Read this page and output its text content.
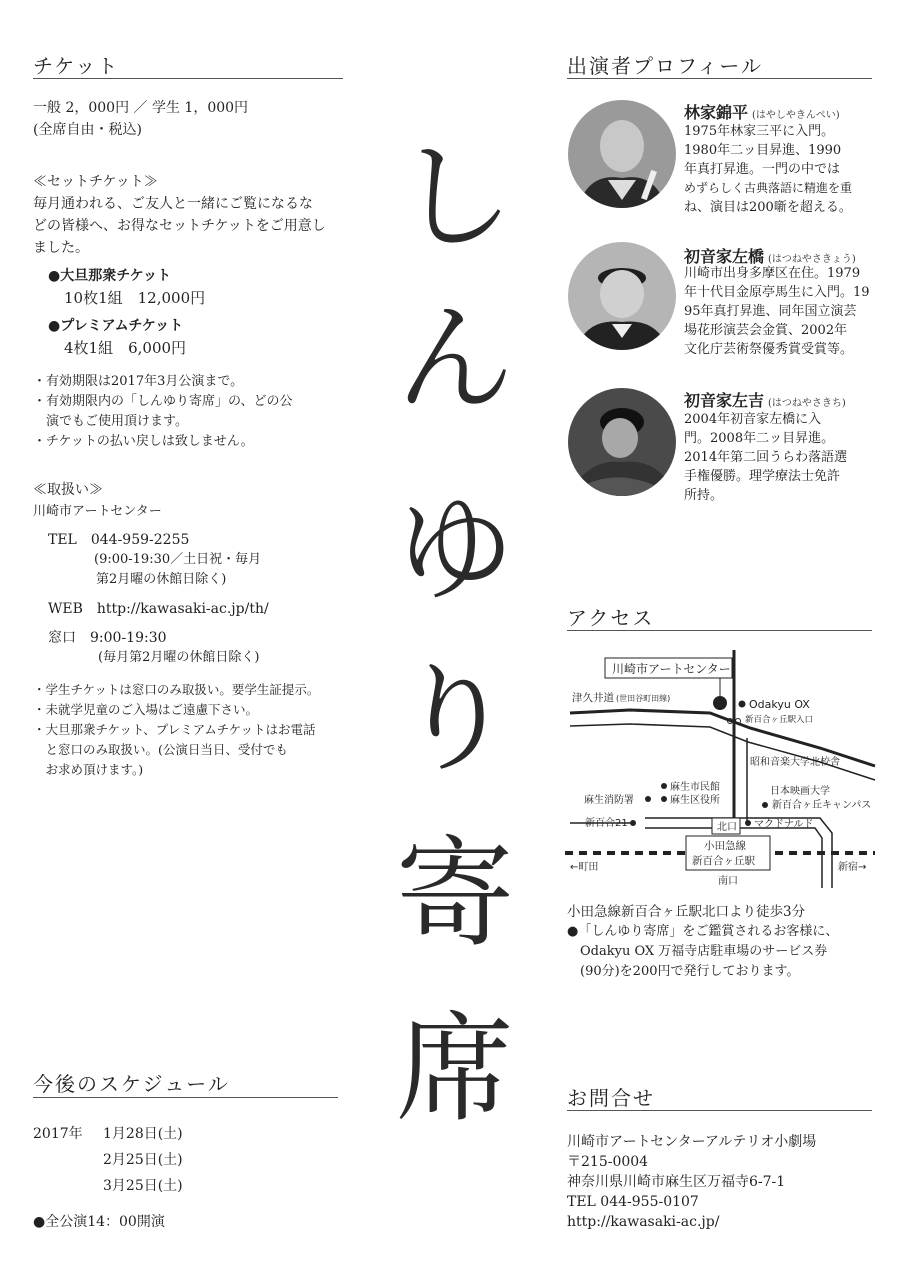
チケット
一般 2，000円 ／ 学生 1，000円
(全席自由・税込)
≪セットチケット≫
毎月通われる、ご友人と一緒にご覧になるな
どの皆様へ、お得なセットチケットをご用意し
ました。
●大旦那衆チケット
10枚1組　12,000円
●プレミアムチケット
4枚1組　6,000円
・有効期限は2017年3月公演まで。
・有効期限内の「しんゆり寄席」の、どの公
　演でもご使用頂けます。
・チケットの払い戻しは致しません。
≪取扱い≫
川崎市アートセンター
TEL　044-959-2255
(9:00-19:30／土日祝・毎月
第2月曜の休館日除く)
WEB　http://kawasaki-ac.jp/th/
窓口　9:00-19:30
(毎月第2月曜の休館日除く)
・学生チケットは窓口のみ取扱い。要学生証提示。
・未就学児童のご入場はご遠慮下さい。
・大旦那衆チケット、プレミアムチケットはお電話
　と窓口のみ取扱い。(公演日当日、受付でも
　お求め頂けます。)
今後のスケジュール
2017年 1月28日(土)
2月25日(土)
3月25日(土)
●全公演14：00開演
し
ん
ゆ
り
寄
席
出演者プロフィール
林家錦平 (はやしやきんぺい)
1975年林家三平に入門。
1980年二ッ目昇進、1990
年真打昇進。一門の中では
めずらしく古典落語に精進を重
ね、演目は200噺を超える。
初音家左橋 (はつねやさきょう)
川崎市出身多摩区在住。1979
年十代目金原亭馬生に入門。19
95年真打昇進、同年国立演芸
場花形演芸会金賞、2002年
文化庁芸術祭優秀賞受賞等。
初音家左吉 (はつねやさきち)
2004年初音家左橋に入
門。2008年二ッ目昇進。
2014年第二回うらわ落語選
手権優勝。理学療法士免許
所持。
アクセス
川崎市アートセンター
津久井道 (世田谷町田線)	Odakyu OX
新百合ヶ丘駅入口
昭和音楽大学北校舎
麻生市民館
麻生区役所
麻生消防署
日本映画大学
新百合ヶ丘キャンパス
新百合21	北口 マクドナルド
小田急線
新百合ヶ丘駅
←町田	新宿→
南口
小田急線新百合ヶ丘駅北口より徒歩3分
●「しんゆり寄席」をご鑑賞されるお客様に、
　Odakyu OX 万福寺店駐車場のサービス券
　(90分)を200円で発行しております。
お問合せ
川崎市アートセンターアルテリオ小劇場
〒215-0004
神奈川県川崎市麻生区万福寺6-7-1
TEL 044-955-0107
http://kawasaki-ac.jp/
